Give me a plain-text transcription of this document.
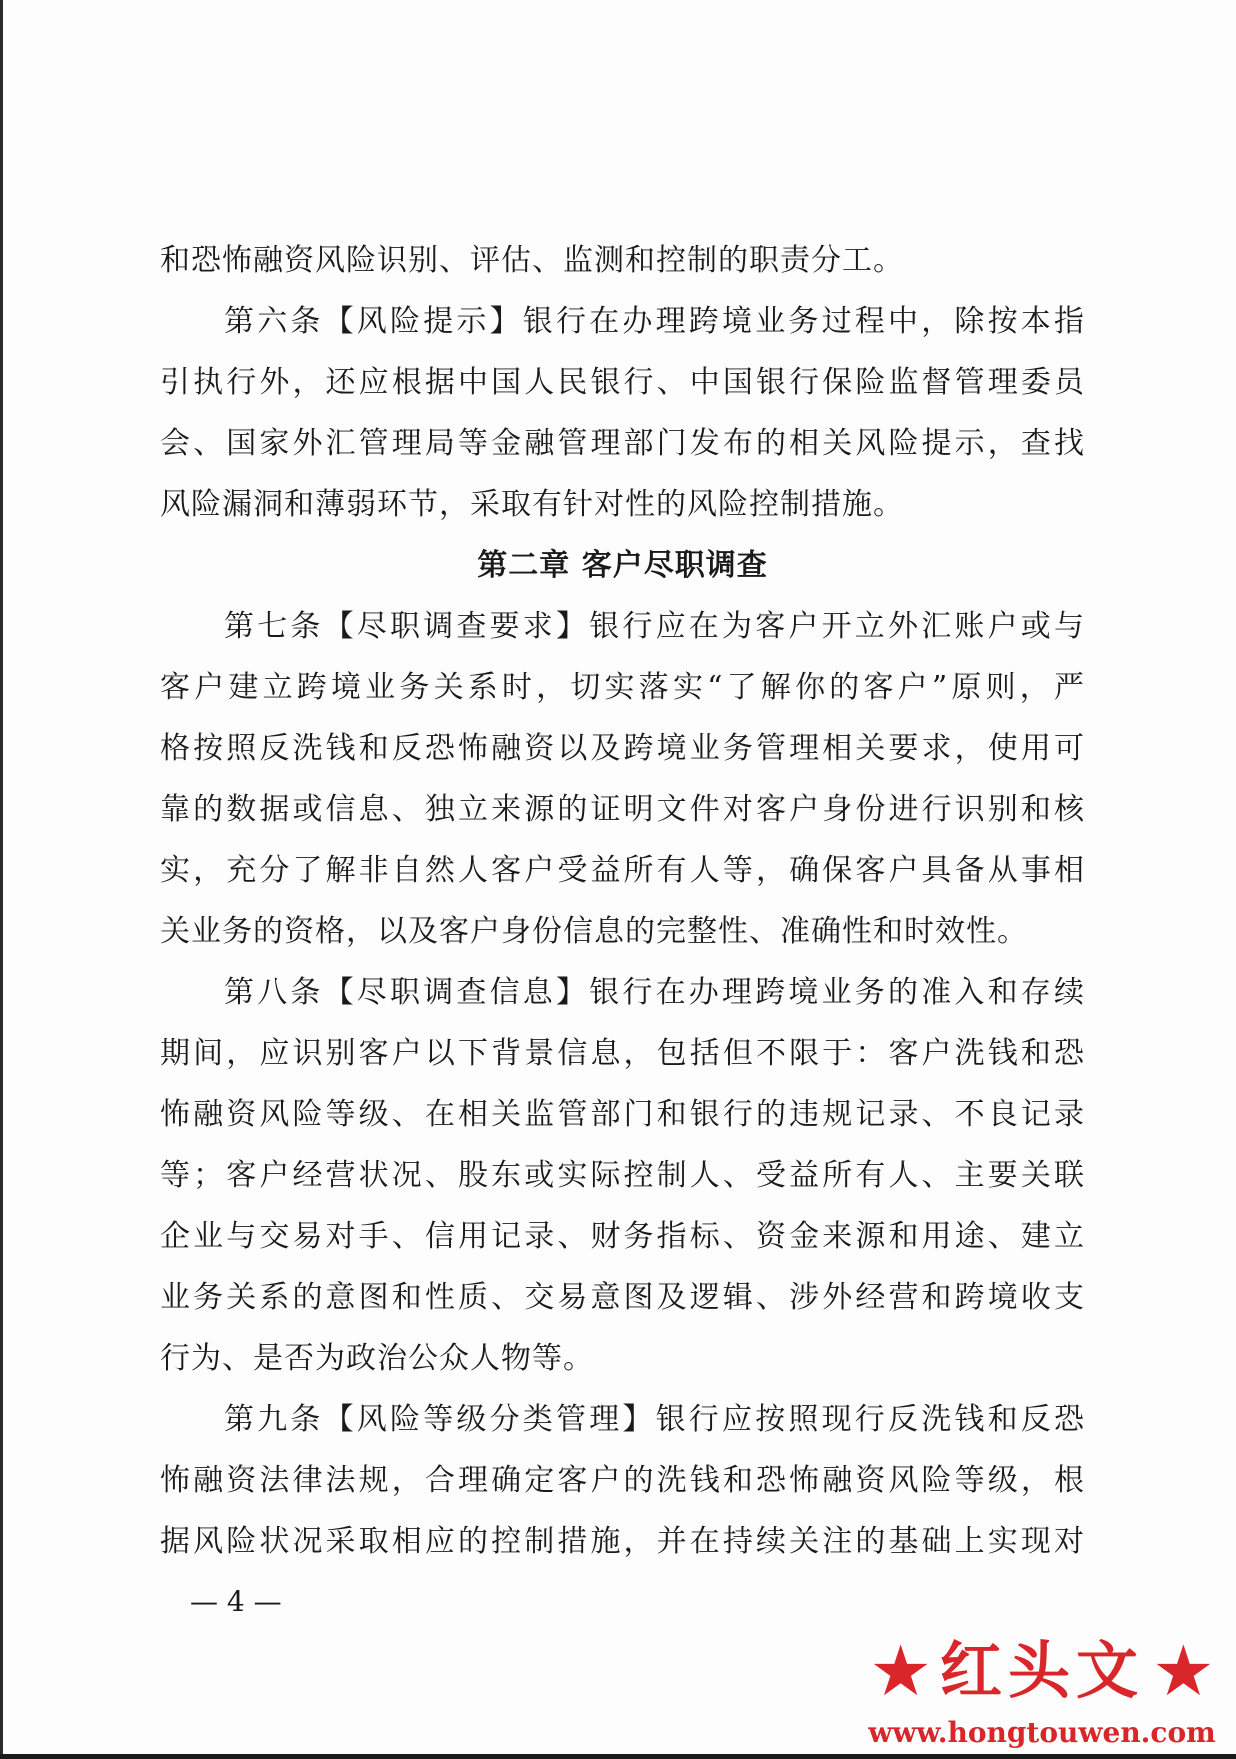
和恐怖融资风险识别、评估、监测和控制的职责分工。

第六条【风险提示】银行在办理跨境业务过程中，除按本指

引执行外，还应根据中国人民银行、中国银行保险监督管理委员

会、国家外汇管理局等金融管理部门发布的相关风险提示，查找

风险漏洞和薄弱环节，采取有针对性的风险控制措施。

第二章 客户尽职调查

第七条【尽职调查要求】银行应在为客户开立外汇账户或与

客户建立跨境业务关系时，切实落实“了解你的客户”原则，严

格按照反洗钱和反恐怖融资以及跨境业务管理相关要求，使用可

靠的数据或信息、独立来源的证明文件对客户身份进行识别和核

实，充分了解非自然人客户受益所有人等，确保客户具备从事相

关业务的资格，以及客户身份信息的完整性、准确性和时效性。

第八条【尽职调查信息】银行在办理跨境业务的准入和存续

期间，应识别客户以下背景信息，包括但不限于：客户洗钱和恐

怖融资风险等级、在相关监管部门和银行的违规记录、不良记录

等；客户经营状况、股东或实际控制人、受益所有人、主要关联

企业与交易对手、信用记录、财务指标、资金来源和用途、建立

业务关系的意图和性质、交易意图及逻辑、涉外经营和跨境收支

行为、是否为政治公众人物等。

第九条【风险等级分类管理】银行应按照现行反洗钱和反恐

怖融资法律法规，合理确定客户的洗钱和恐怖融资风险等级，根

据风险状况采取相应的控制措施，并在持续关注的基础上实现对

— 4 —
★ 红头文 ★
www.hongtouwen.com
